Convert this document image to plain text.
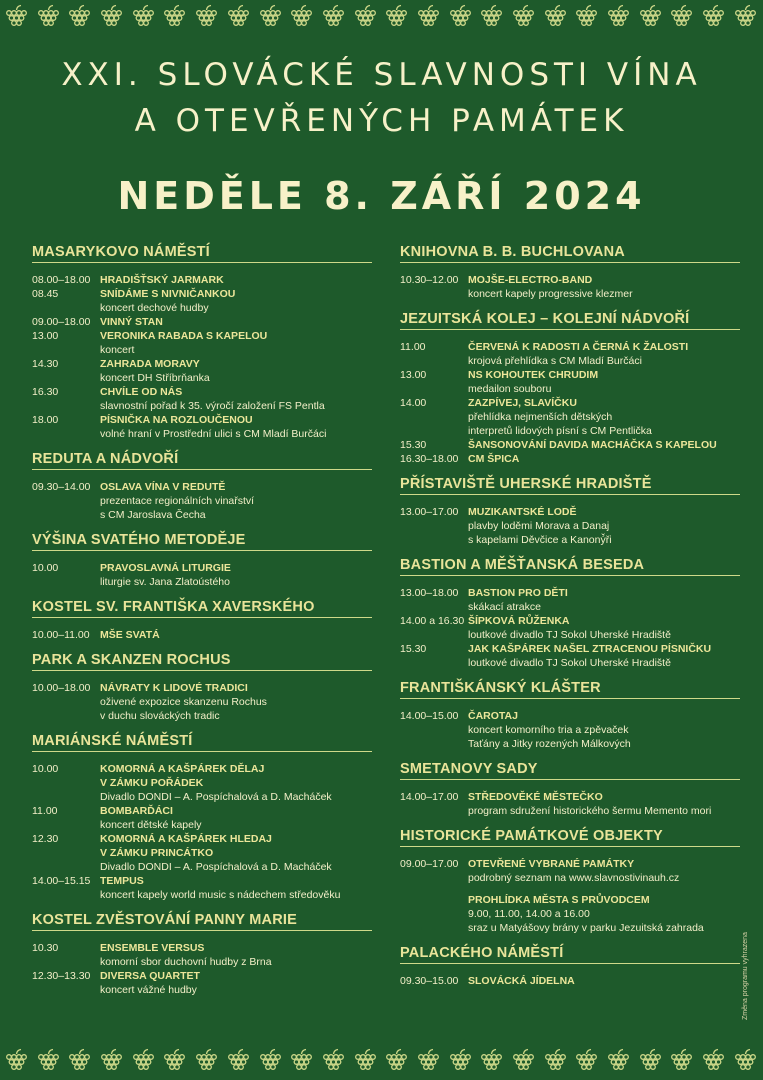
XXI. SLOVÁCKÉ SLAVNOSTI VÍNA
A OTEVŘENÝCH PAMÁTEK
NEDĚLE 8. ZÁŘÍ 2024
MASARYKOVO NÁMĚSTÍ
08.00–18.00 HRADIŠŤSKÝ JARMARK
08.45	SNÍDÁME S NIVNIČANKOU
koncert dechové hudby
09.00–18.00 VINNÝ STAN
13.00	VERONIKA RABADA S KAPELOU
koncert
14.30	ZAHRADA MORAVY
koncert DH Stříbrňanka
16.30	CHVÍLE OD NÁS
slavnostní pořad k 35. výročí založení FS Pentla
18.00	PÍSNIČKA NA ROZLOUČENOU
volné hraní v Prostřední ulici s CM Mladí Burčáci
REDUTA A NÁDVOŘÍ
09.30–14.00 OSLAVA VÍNA V REDUTĚ
prezentace regionálních vinařství
s CM Jaroslava Čecha
VÝŠINA SVATÉHO METODĚJE
10.00	PRAVOSLAVNÁ LITURGIE
liturgie sv. Jana Zlatoústého
KOSTEL SV. FRANTIŠKA XAVERSKÉHO
10.00–11.00 MŠE SVATÁ
PARK A SKANZEN ROCHUS
10.00–18.00 NÁVRATY K LIDOVÉ TRADICI
oživené expozice skanzenu Rochus
v duchu slováckých tradic
MARIÁNSKÉ NÁMĚSTÍ
10.00	KOMORNÁ A KAŠPÁREK DĚLAJ
V ZÁMKU POŘÁDEK
Divadlo DONDI – A. Pospíchalová a D. Macháček
11.00	BOMBARĎÁCI
koncert dětské kapely
12.30	KOMORNÁ A KAŠPÁREK HLEDAJ
V ZÁMKU PRINCÁTKO
Divadlo DONDI – A. Pospíchalová a D. Macháček
14.00–15.15 TEMPUS
koncert kapely world music s nádechem středověku
KOSTEL ZVĚSTOVÁNÍ PANNY MARIE
10.30	ENSEMBLE VERSUS
komorní sbor duchovní hudby z Brna
12.30–13.30 DIVERSA QUARTET
koncert vážné hudby
KNIHOVNA B. B. BUCHLOVANA
10.30–12.00 MOJŠE-ELECTRO-BAND
koncert kapely progressive klezmer
JEZUITSKÁ KOLEJ – KOLEJNÍ NÁDVOŘÍ
11.00	ČERVENÁ K RADOSTI A ČERNÁ K ŽALOSTI
krojová přehlídka s CM Mladí Burčáci
13.00	NS KOHOUTEK CHRUDIM
medailon souboru
14.00	ZAZPÍVEJ, SLAVÍČKU
přehlídka nejmenších dětských
interpretů lidových písní s CM Pentlička
15.30	ŠANSONOVÁNÍ DAVIDA MACHÁČKA S KAPELOU
16.30–18.00 CM ŠPICA
PŘÍSTAVIŠTĚ UHERSKÉ HRADIŠTĚ
13.00–17.00 MUZIKANTSKÉ LODĚ
plavby loděmi Morava a Danaj
s kapelami Děvčice a Kanoný̌ři
BASTION A MĚŠŤANSKÁ BESEDA
13.00–18.00 BASTION PRO DĚTI
skákací atrakce
14.00 a 16.30 ŠÍPKOVÁ RŮŽENKA
loutkové divadlo TJ Sokol Uherské Hradiště
15.30	JAK KAŠPÁREK NAŠEL ZTRACENOU PÍSNIČKU
loutkové divadlo TJ Sokol Uherské Hradiště
FRANTIŠKÁNSKÝ KLÁŠTER
14.00–15.00 ČAROTAJ
koncert komorního tria a zpěvaček
Taťány a Jitky rozených Málkových
SMETANOVY SADY
14.00–17.00 STŘEDOVĚKÉ MĚSTEČKO
program sdružení historického šermu Memento mori
HISTORICKÉ PAMÁTKOVÉ OBJEKTY
09.00–17.00 OTEVŘENÉ VYBRANÉ PAMÁTKY
podrobný seznam na www.slavnostivinauh.cz
PROHLÍDKA MĚSTA S PRŮVODCEM
9.00, 11.00, 14.00 a 16.00
sraz u Matyášovy brány v parku Jezuitská zahrada
PALACKÉHO NÁMĚSTÍ
09.30–15.00 SLOVÁCKÁ JÍDELNA	Změna programu vyhrazena
